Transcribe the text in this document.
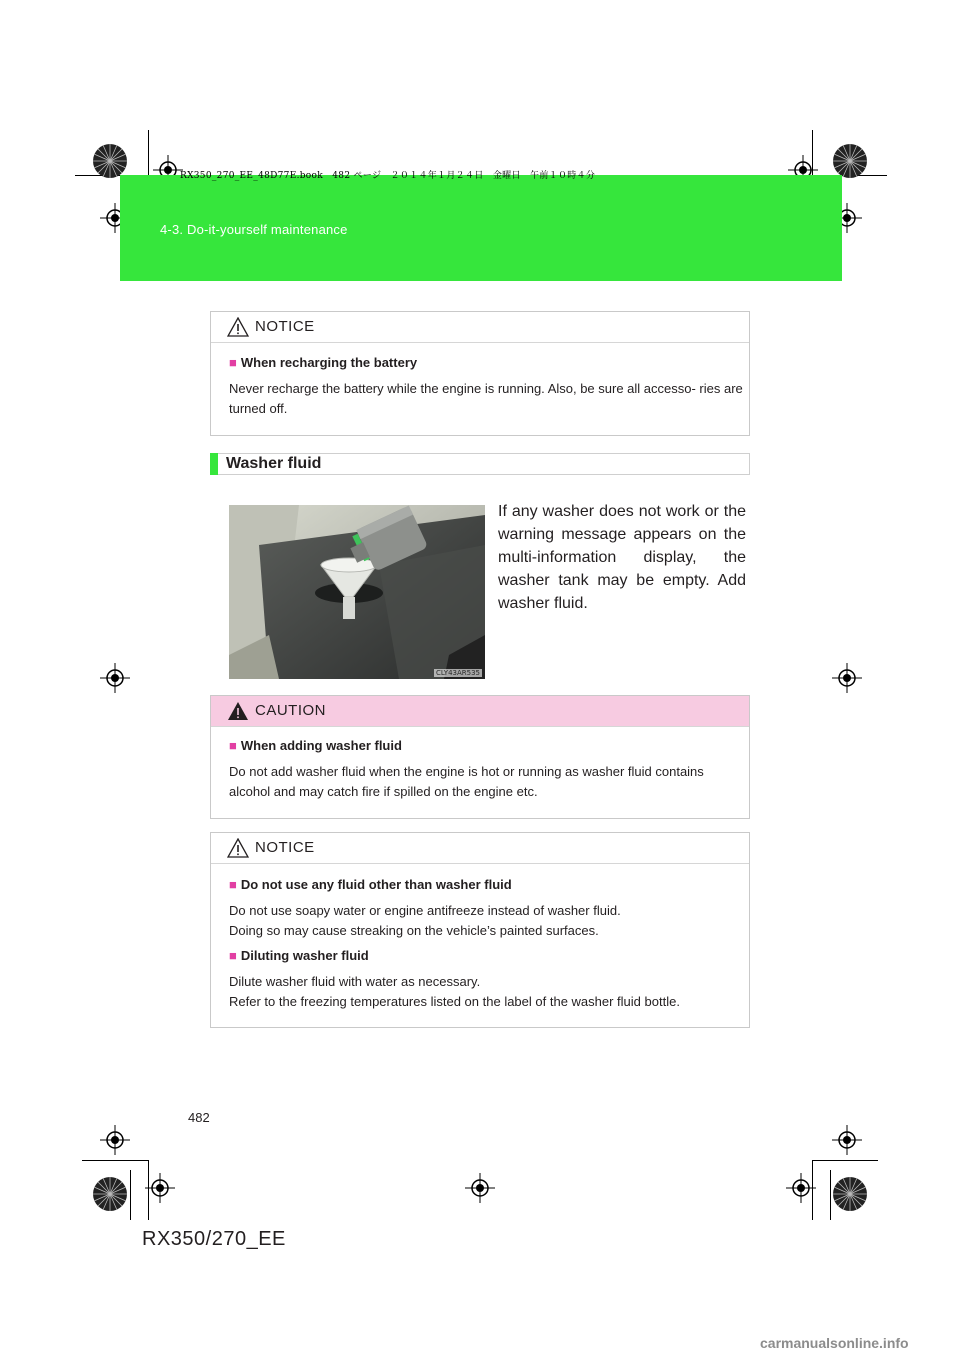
RX350_270_EE_48D77E.book　482 ページ　２０１４年１月２４日　金曜日　午前１０時４分
4-3. Do-it-yourself maintenance
NOTICE
■ When recharging the battery
Never recharge the battery while the engine is running. Also, be sure all accesso- ries are turned off.
Washer fluid
CLY43AR535
If any washer does not work or the warning message appears on the multi-information display, the washer tank may be empty. Add washer fluid.
CAUTION
■ When adding washer fluid
Do not add washer fluid when the engine is hot or running as washer fluid contains alcohol and may catch fire if spilled on the engine etc.
NOTICE
■ Do not use any fluid other than washer fluid
Do not use soapy water or engine antifreeze instead of washer fluid.
Doing so may cause streaking on the vehicle’s painted surfaces.
■ Diluting washer fluid
Dilute washer fluid with water as necessary.
Refer to the freezing temperatures listed on the label of the washer fluid bottle.
482
RX350/270_EE
carmanualsonline.info
